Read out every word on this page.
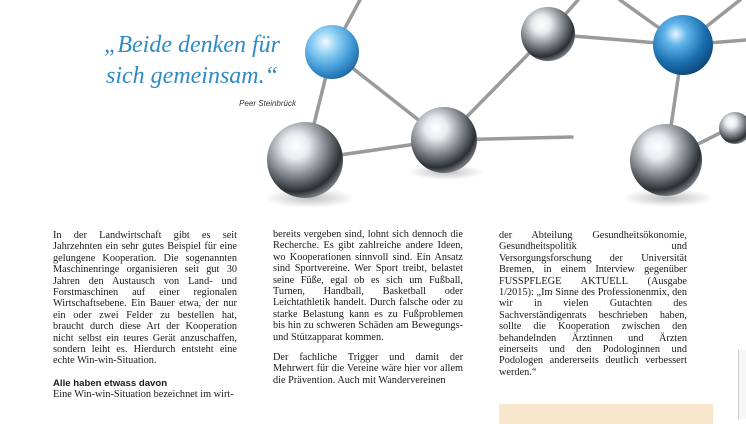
„Beide denken für
sich gemeinsam.“
Peer Steinbrück

In der Landwirtschaft gibt es seit Jahrzehnten ein sehr gutes Beispiel für eine gelungene Kooperation. Die sogenannten Maschinenringe organisieren seit gut 30 Jahren den Austausch von Land- und Forstmaschinen auf einer regionalen Wirtschaftsebene. Ein Bauer etwa, der nur ein oder zwei Felder zu bestellen hat, braucht durch diese Art der Kooperation nicht selbst ein teures Gerät anzuschaffen, sondern leiht es. Hierdurch entsteht eine echte Win-win-Situation.

Alle haben etwass davon

Eine Win-win-Situation bezeichnet im wirt-

bereits vergeben sind, lohnt sich dennoch die Recherche. Es gibt zahlreiche andere Ideen, wo Kooperationen sinnvoll sind. Ein Ansatz sind Sportvereine. Wer Sport treibt, belastet seine Füße, egal ob es sich um Fußball, Turnen, Handball, Basketball oder Leichtathletik handelt. Durch falsche oder zu starke Belastung kann es zu Fußproblemen bis hin zu schweren Schäden am Bewegungs- und Stützapparat kommen.

Der fachliche Trigger und damit der Mehrwert für die Vereine wäre hier vor allem die Prävention. Auch mit Wandervereinen

der Abteilung Gesundheitsökonomie, Gesundheitspolitik und Versorgungsforschung der Universität Bremen, in einem Interview gegenüber FUSSPFLEGE AKTUELL (Ausgabe 1/2015): „Im Sinne des Professionenmix, den wir in vielen Gutachten des Sachverständigenrats beschrieben haben, sollte die Kooperation zwischen den behandelnden Ärztinnen und Ärzten einerseits und den Podologinnen und Podologen andererseits deutlich verbessert werden.“
